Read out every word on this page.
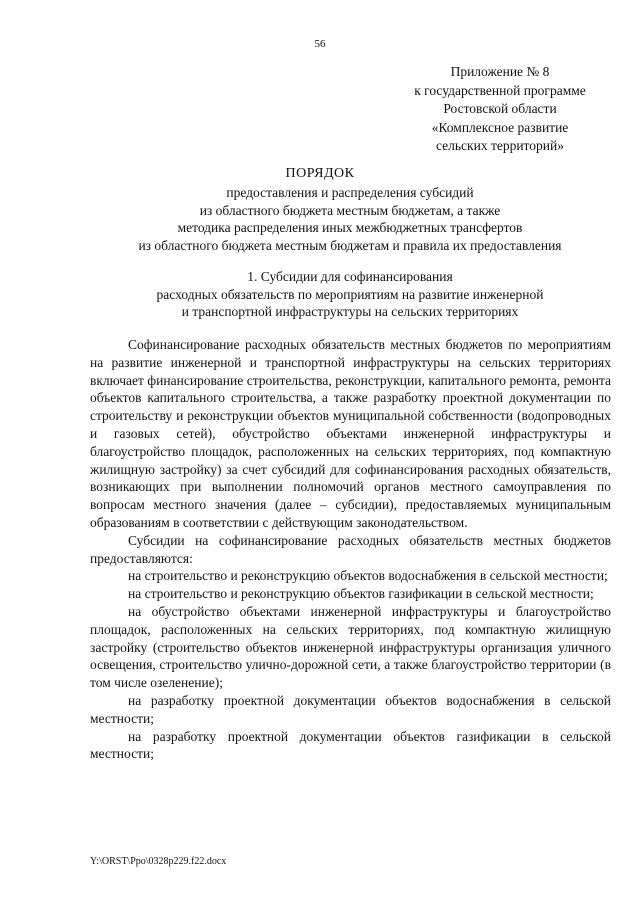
56
Приложение № 8
к государственной программе
Ростовской области
«Комплексное развитие
сельских территорий»
ПОРЯДОК
предоставления и распределения субсидий
из областного бюджета местным бюджетам, а также
методика распределения иных межбюджетных трансфертов
из областного бюджета местным бюджетам и правила их предоставления
1. Субсидии для софинансирования
расходных обязательств по мероприятиям на развитие инженерной
и транспортной инфраструктуры на сельских территориях

Софинансирование расходных обязательств местных бюджетов по мероприятиям на развитие инженерной и транспортной инфраструктуры на сельских территориях включает финансирование строительства, реконструкции, капитального ремонта, ремонта объектов капитального строительства, а также разработку проектной документации по строительству и реконструкции объектов муниципальной собственности (водопроводных и газовых сетей), обустройство объектами инженерной инфраструктуры и благоустройство площадок, расположенных на сельских территориях, под компактную жилищную застройку) за счет субсидий для софинансирования расходных обязательств, возникающих при выполнении полномочий органов местного самоуправления по вопросам местного значения (далее – субсидии), предоставляемых муниципальным образованиям в соответствии с действующим законодательством.

Субсидии на софинансирование расходных обязательств местных бюджетов предоставляются:

на строительство и реконструкцию объектов водоснабжения в сельской местности;

на строительство и реконструкцию объектов газификации в сельской местности;

на обустройство объектами инженерной инфраструктуры и благоустройство площадок, расположенных на сельских территориях, под компактную жилищную застройку (строительство объектов инженерной инфраструктуры организация уличного освещения, строительство улично-дорожной сети, а также благоустройство территории (в том числе озеленение);

на разработку проектной документации объектов водоснабжения в сельской местности;

на разработку проектной документации объектов газификации в сельской местности;

Y:\ORST\Ppo\0328p229.f22.docx
